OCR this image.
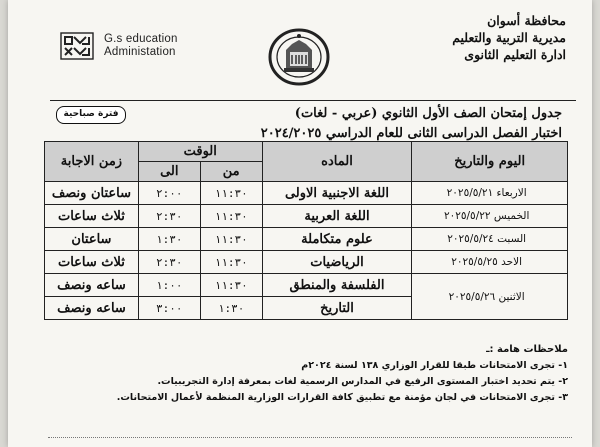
G.s education
Administation
محافظة أسوان
مديرية التربية والتعليم
ادارة التعليم الثانوى
جدول إمتحان الصف الأول الثانوي (عربي - لغات)
اختبار الفصل الدراسى الثانى للعام الدراسي ٢٠٢٤/٢٠٢٥
فترة صباحية
اليوم والتاريخ	الماده	الوقت		زمن الاجابة
		من	الى	
الاربعاء ٢٠٢٥/٥/٢١	اللغة الاجنبية الاولى	١١:٣٠	٢:٠٠	ساعتان ونصف
الخميس ٢٠٢٥/٥/٢٢	اللغة العربية	١١:٣٠	٢:٣٠	ثلاث ساعات
السبت ٢٠٢٥/٥/٢٤	علوم متكاملة	١١:٣٠	١:٣٠	ساعتان
الاحد ٢٠٢٥/٥/٢٥	الرياضيات	١١:٣٠	٢:٣٠	ثلاث ساعات
الاثنين ٢٠٢٥/٥/٢٦	الفلسفة والمنطق	١١:٣٠	١:٠٠	ساعه ونصف
	التاريخ	١:٣٠	٣:٠٠	ساعه ونصف
ملاحظات هامة :ـ
١- تجرى الامتحانات طبقا للقرار الوزاري ١٣٨ لسنة ٢٠٢٤م
٢- يتم تحديد اختبار المستوى الرفيع في المدارس الرسمية لغات بمعرفة إدارة التجريبيات.
٣- تجرى الامتحانات في لجان مؤمنة مع تطبيق كافة القرارات الوزارية المنظمة لأعمال الامتحانات.
